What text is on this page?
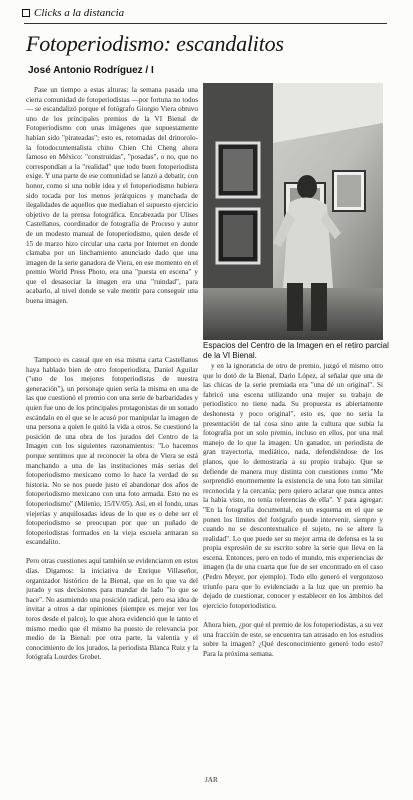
Clicks a la distancia
Fotoperiodismo: escandalitos
José Antonio Rodríguez / I

Pase un tiempo a estas alturas: la semana pasada una cierta comunidad de fotoperiodistas —por fortuna no todos— se escandalizó porque el fotógrafo Giorgio Viera obtuvo uno de los principales premios de la VI Bienal de Fotoperiodismo con unas imágenes que supuestamente habían sido "pirateadas"; esto es, retomadas del drinorolo-la fotodocumentalista chino Chien Chi Cheng ahora famoso en México: "construidas", "posadas", o no, que no correspondían a la "realidad" que todo buen fotoperiodista exige. Y una parte de ese comunidad se lanzó a debatir, con honor, como si una noble idea y el fotoperiodismo hubiera sido tocada por los menos jerárquicos y manchada de ilegalidades de aquellos que mediaban el supuesto ejercicio objetivo de la prensa fotográfica. Encabezada por Ulises Castellanos, coordinador de fotografía de Proceso y autor de un modesto manual de fotoperiodismo, quien desde el 15 de marzo hizo circular una carta por Internet en donde clamaba por un linchamiento anunciado dado que una imagen de la serie ganadora de Viera, en ese momento en el premio World Press Photo, era una "puesta en escena" y que el desasociar la imagen era una "ruindad", para acabarlo, al nivel donde se vale mentir para conseguir una buena imagen.

Espacios del Centro de la Imagen en el retiro parcial de la VI Bienal.

Tampoco es casual que en esa misma carta Castellanos haya hablado bien de otro fotoperiodista, Daniel Aguilar ("uno de los mejores fotoperiodistas de nuestra generación"), un personaje quien sería la misma en una de las que cuestionó el premio con una serie de barbaridades y quien fue uno de los principales protagonistas de un sonado escándalo en el que se le acusó por manipular la imagen de una persona a quien le quitó la vida a otros. Se cuestionó la posición de una obra de los jurados del Centro de la Imagen con los siguientes razonamientos: "Lo hacemos porque sentimos que al reconocer la obra de Viera se está manchando a una de las instituciones más serias del fotoperiodismo mexicano como lo hace la verdad de su historia. No se nos puede justo el abandonar dos años de fotoperiodismo mexicano con una foto armada. Esto no es fotoperiodismo" (Milenio, 15/IV/05). Así, en el fondo, unas viejerías y anquilosadas ideas de lo que es o debe ser el fotoperiodismo se preocupan por que un puñado de fotoperiodistas formados en la vieja escuela armaran su escandalito.

Pero otras cuestiones aquí también se evidenciaron en estos días. Digamos: la iniciativa de Enrique Villaseñor, organizador histórico de la Bienal, que en lo que va del jurado y sus decisiones para mandar de lado "lo que se hace". No asumiendo una posición radical, pero esa idea de invitar a otros a dar opiniones (siempre es mejor ver los toros desde el palco), lo que ahora evidenció que le tanto el mismo medio que él mismo ha puesto de relevancia por medio de la Bienal: por otra parte, la valentía y el conocimiento de los jurados, la periodista Blanca Ruiz y la fotógrafa Lourdes Grobet.

y en la ignorancia de otro de premio, juzgó el mismo otro que lo dotó de la Bienal, Dario López, al señalar que una de las chicas de la serie premiada era "una dé un original". Si fabricó una escena utilizando una mujer su trabajo de periodístico no tiene nada. Su propuesta es abiertamente deshonesta y poco original", esto es, que no sería la presentación de tal cosa sino ante la cultura que subía la fotografía por un solo premio, incluso en ellos, por una mal manejo de lo que la imagen. Un ganador, un periodista de gran trayectoria, mediático, nada, defendiéndose de los planos, que lo demostraría a su propio trabajo. Que se defiende de manera muy distinta con cuestiones como "Me sorprendió enormemente la existencia de una foto tan similar reconocida y la cercanía; pero quiero aclarar que nunca antes la había visto, no tenía referencias de ella". Y para agregar: "En la fotografía documental, en un esquema en el que se ponen los límites del fotógrafo puede intervenir, siempre y cuando no se descontextualice el sujeto, no se altere la realidad". Lo que puede ser su mejor arma de defensa es la su propia expresión de su escrito sobre la serie que lleva en la escena. Entonces, pero en todo el mundo, mis experiencias de imagen (la de una cuarta que fue de ser encontrado en el caso (Pedro Meyer, por ejemplo). Todo ello generó el vergonzoso triunfo para que lo evidenciado a la luz que un premio ha dejado de cuestionar, conocer y establecer en los ámbitos del ejercicio fotoperiodístico.

Ahora bien, ¿por qué el premio de los fotoperiodistas, a su vez una fracción de este, se encuentra tan atrasado en los estudios sobre la imagen? ¿Qué desconocimiento generó todo esto? Para la próxima semana.

JAR
